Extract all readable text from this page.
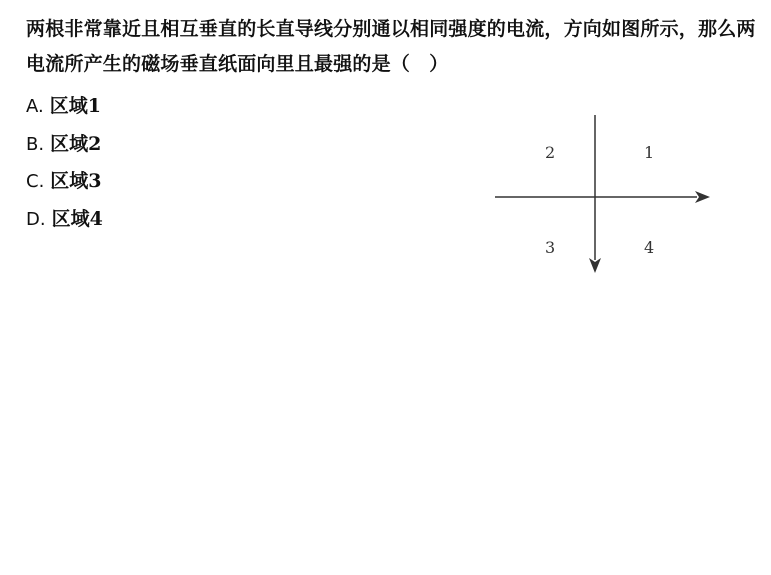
两根非常靠近且相互垂直的长直导线分别通以相同强度的电流，方向如图所示，那么两电流所产生的磁场垂直纸面向里且最强的是（　）
A. 区域1
B. 区域2
C. 区域3
D. 区域4
1
2
3	4
